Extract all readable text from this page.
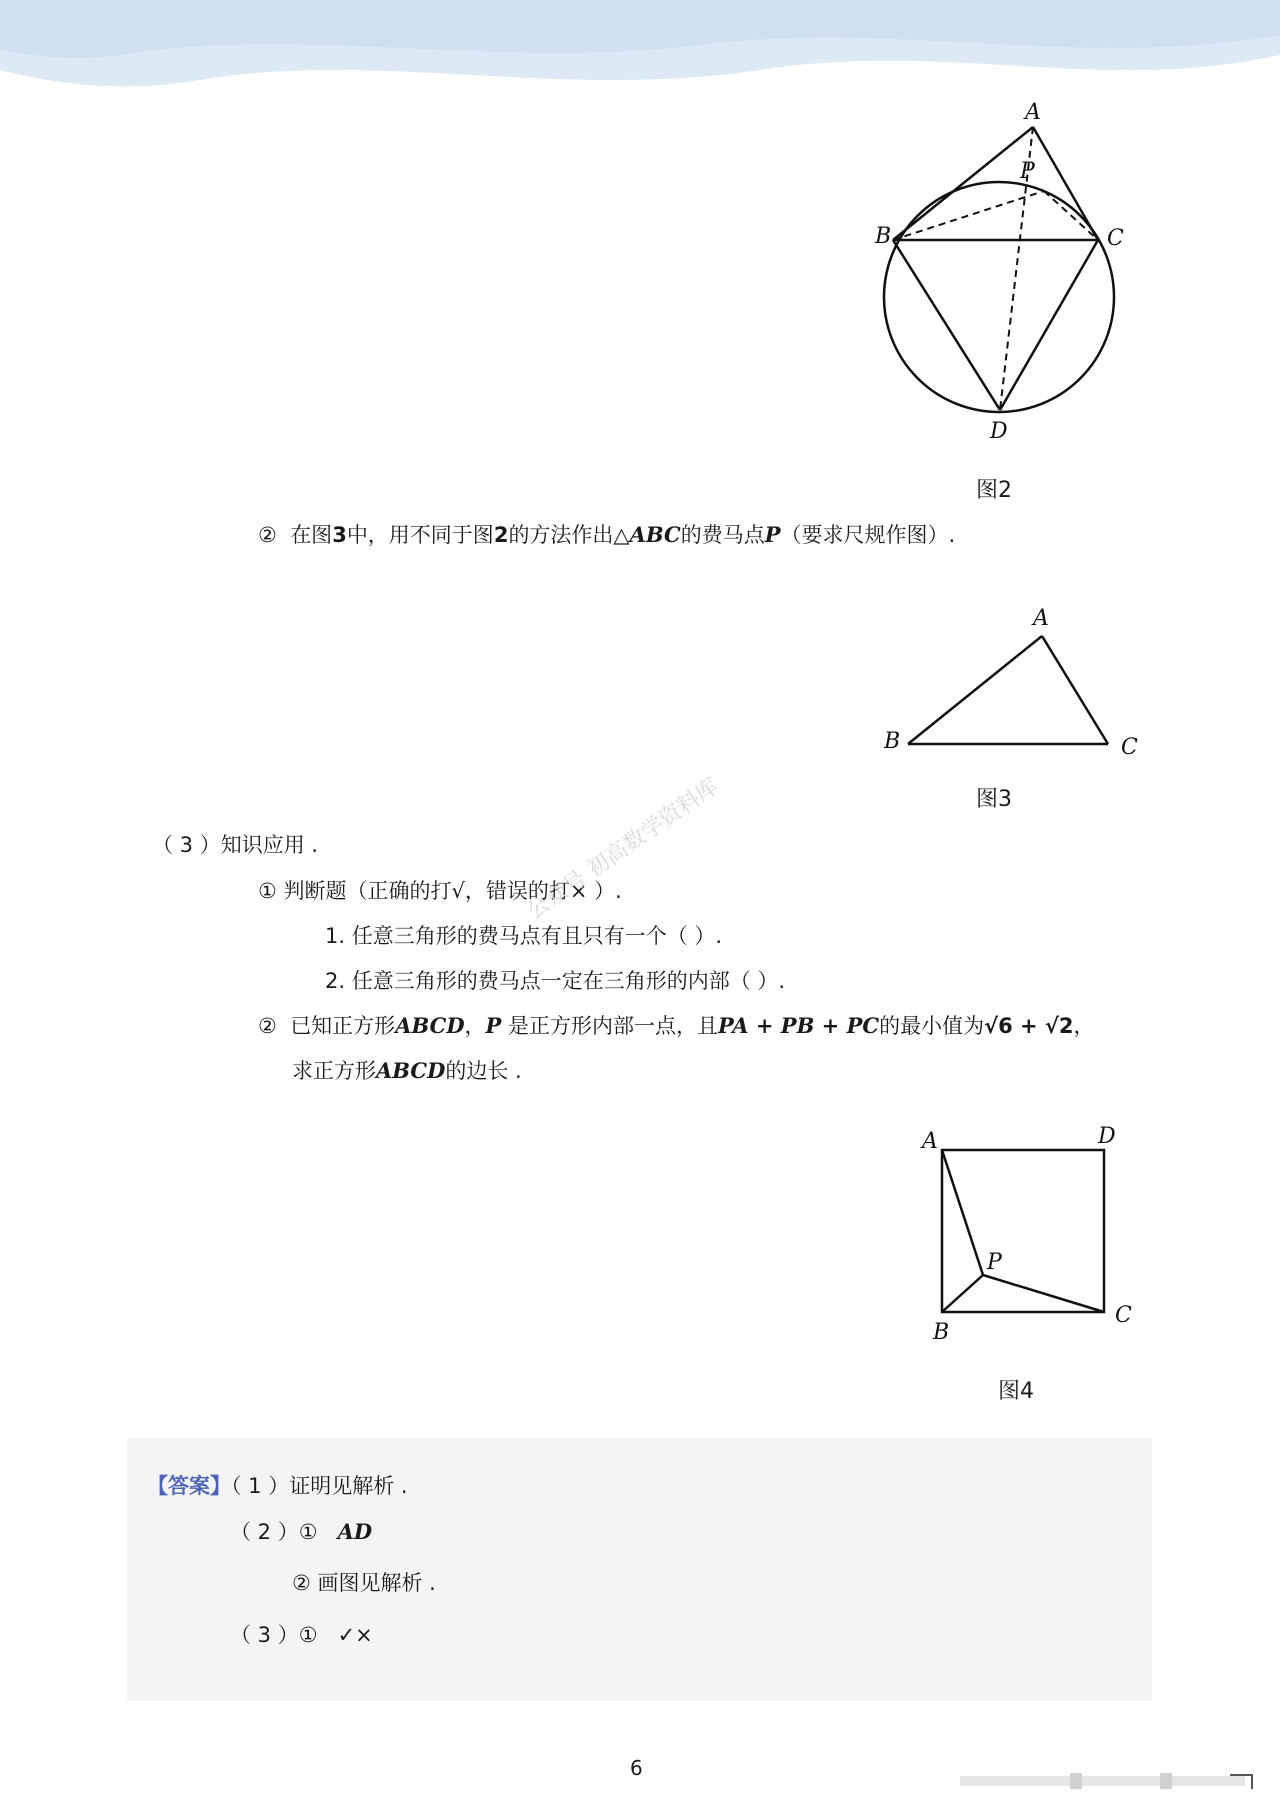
A
P
B	C
D
图2
② 在图3中，用不同于图2的方法作出△ABC的费马点P（要求尺规作图）.
A
B	C
图3
（ 3 ）知识应用 .
① 判断题（正确的打√，错误的打× ）.
1. 任意三角形的费马点有且只有一个（ ）.
2. 任意三角形的费马点一定在三角形的内部（ ）.
② 已知正方形ABCD，P 是正方形内部一点，且PA + PB + PC的最小值为√6 + √2，
求正方形ABCD的边长 .
公众号 初高数学资料库
A	D
P
B
C
图4
【答案】（ 1 ）证明见解析 .
（ 2 ）① AD
② 画图见解析 .
（ 3 ）① ✓×
6
